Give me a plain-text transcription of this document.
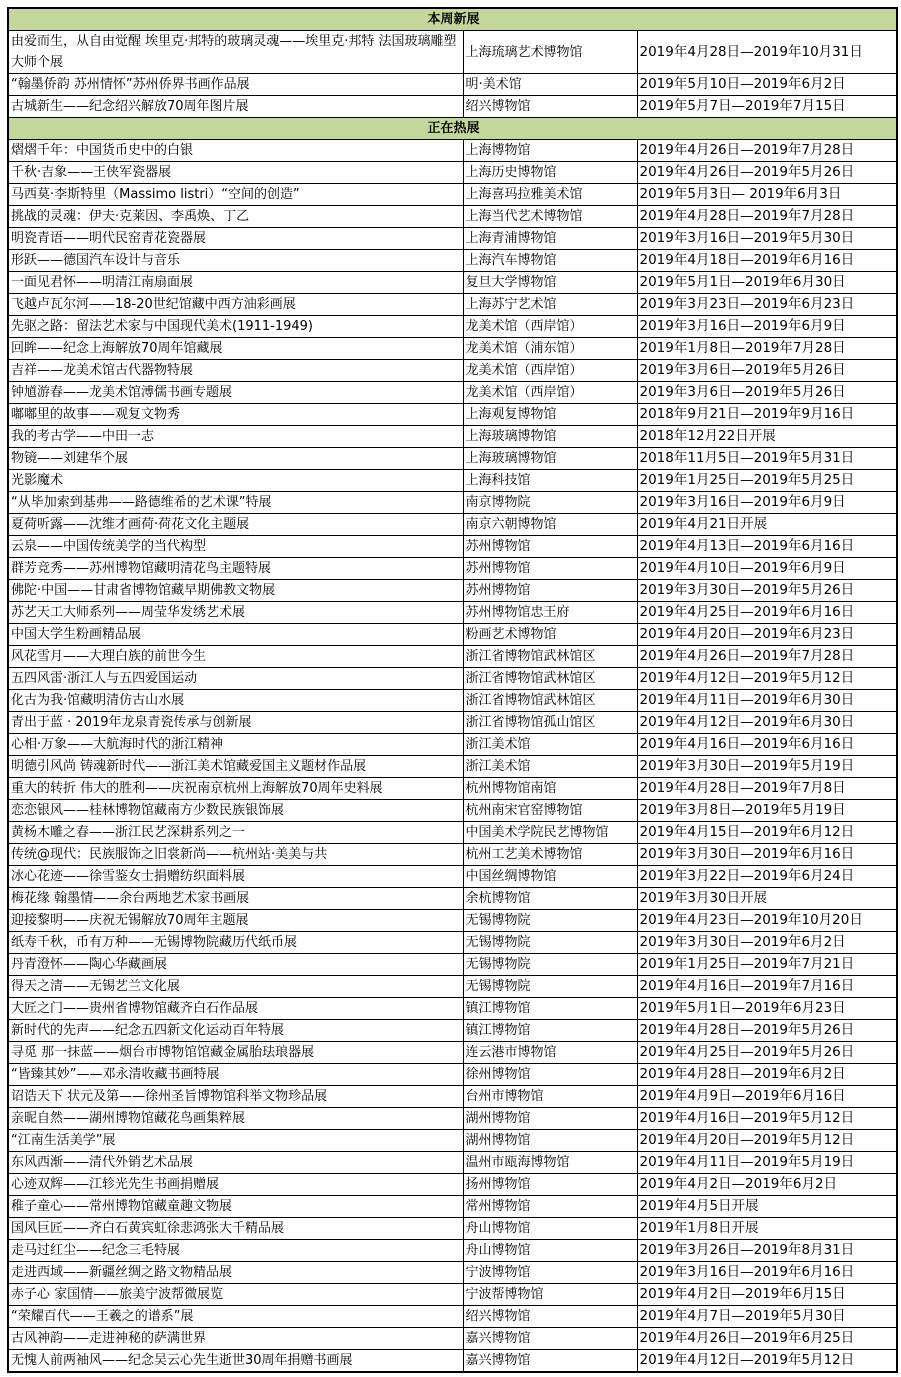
本周新展		
由爱而生，从自由觉醒 埃里克·邦特的玻璃灵魂——埃里克·邦特 法国玻璃雕塑大师个展	上海琉璃艺术博物馆	2019年4月28日—2019年10月31日
“翰墨侨韵 苏州情怀”苏州侨界书画作品展	明·美术馆	2019年5月10日—2019年6月2日
古城新生——纪念绍兴解放70周年图片展	绍兴博物馆	2019年5月7日—2019年7月15日
正在热展		
熠熠千年：中国货币史中的白银	上海博物馆	2019年4月26日—2019年7月28日
千秋·吉象——王侠军瓷器展	上海历史博物馆	2019年4月26日—2019年5月26日
马西莫·李斯特里（Massimo listri）“空间的创造”	上海喜玛拉雅美术馆	2019年5月3日— 2019年6月3日
挑战的灵魂：伊夫·克莱因、李禹焕、丁乙	上海当代艺术博物馆	2019年4月28日—2019年7月28日
明瓷青语——明代民窑青花瓷器展	上海青浦博物馆	2019年3月16日—2019年5月30日
形跃——德国汽车设计与音乐	上海汽车博物馆	2019年4月18日—2019年6月16日
一面见君怀——明清江南扇面展	复旦大学博物馆	2019年5月1日—2019年6月30日
飞越卢瓦尔河——18-20世纪馆藏中西方油彩画展	上海苏宁艺术馆	2019年3月23日—2019年6月23日
先驱之路：留法艺术家与中国现代美术(1911-1949)	龙美术馆（西岸馆）	2019年3月16日—2019年6月9日
回眸——纪念上海解放70周年馆藏展	龙美术馆（浦东馆）	2019年1月8日—2019年7月28日
吉祥——龙美术馆古代器物特展	龙美术馆（西岸馆）	2019年3月6日—2019年5月26日
钟馗游春——龙美术馆溥儒书画专题展	龙美术馆（西岸馆）	2019年3月6日—2019年5月26日
嘟嘟里的故事——观复文物秀	上海观复博物馆	2018年9月21日—2019年9月16日
我的考古学——中田一志	上海玻璃博物馆	2018年12月22日开展
物镜——刘建华个展	上海玻璃博物馆	2018年11月5日—2019年5月31日
光影魔术	上海科技馆	2019年1月25日—2019年5月25日
“从毕加索到基弗——路德维希的艺术课”特展	南京博物院	2019年3月16日—2019年6月9日
夏荷听露——沈维才画荷·荷花文化主题展	南京六朝博物馆	2019年4月21日开展
云泉——中国传统美学的当代构型	苏州博物馆	2019年4月13日—2019年6月16日
群芳竞秀——苏州博物馆藏明清花鸟主题特展	苏州博物馆	2019年4月10日—2019年6月9日
佛陀·中国——甘肃省博物馆藏早期佛教文物展	苏州博物馆	2019年3月30日—2019年5月26日
苏艺天工大师系列——周莹华发绣艺术展	苏州博物馆忠王府	2019年4月25日—2019年6月16日
中国大学生粉画精品展	粉画艺术博物馆	2019年4月20日—2019年6月23日
风花雪月——大理白族的前世今生	浙江省博物馆武林馆区	2019年4月26日—2019年7月28日
五四风雷·浙江人与五四爱国运动	浙江省博物馆武林馆区	2019年4月12日—2019年5月12日
化古为我·馆藏明清仿古山水展	浙江省博物馆武林馆区	2019年4月11日—2019年6月30日
青出于蓝 · 2019年龙泉青瓷传承与创新展	浙江省博物馆孤山馆区	2019年4月12日—2019年6月30日
心相·万象——大航海时代的浙江精神	浙江美术馆	2019年4月16日—2019年6月16日
明德引风尚 铸魂新时代——浙江美术馆藏爱国主义题材作品展	浙江美术馆	2019年3月30日—2019年5月19日
重大的转折 伟大的胜利——庆祝南京杭州上海解放70周年史料展	杭州博物馆南馆	2019年4月28日—2019年7月8日
恋恋银风——桂林博物馆藏南方少数民族银饰展	杭州南宋官窑博物馆	2019年3月8日—2019年5月19日
黄杨木雕之春——浙江民艺深耕系列之一	中国美术学院民艺博物馆	2019年4月15日—2019年6月12日
传统@现代：民族服饰之旧裳新尚——杭州站·美美与共	杭州工艺美术博物馆	2019年3月30日—2019年6月16日
冰心花迹——徐雪鉴女士捐赠纺织面料展	中国丝绸博物馆	2019年3月22日—2019年6月24日
梅花缘 翰墨情——余台两地艺术家书画展	余杭博物馆	2019年3月30日开展
迎接黎明——庆祝无锡解放70周年主题展	无锡博物院	2019年4月23日—2019年10月20日
纸寿千秋，币有万种——无锡博物院藏历代纸币展	无锡博物院	2019年3月30日—2019年6月2日
丹青澄怀——陶心华藏画展	无锡博物院	2019年1月25日—2019年7月21日
得天之清——无锡艺兰文化展	无锡博物院	2019年4月16日—2019年7月16日
大匠之门——贵州省博物馆藏齐白石作品展	镇江博物馆	2019年5月1日—2019年6月23日
新时代的先声——纪念五四新文化运动百年特展	镇江博物馆	2019年4月28日—2019年5月26日
寻觅 那一抹蓝——烟台市博物馆馆藏金属胎珐琅器展	连云港市博物馆	2019年4月25日—2019年5月26日
“皆臻其妙”——邓永清收藏书画特展	徐州博物馆	2019年4月28日—2019年6月2日
诏诰天下 状元及第——徐州圣旨博物馆科举文物珍品展	台州市博物馆	2019年4月9日—2019年6月16日
亲昵自然——湖州博物馆藏花鸟画集粹展	湖州博物馆	2019年4月16日—2019年5月12日
“江南生活美学”展	湖州博物馆	2019年4月20日—2019年5月12日
东风西渐——清代外销艺术品展	温州市瓯海博物馆	2019年4月11日—2019年5月19日
心迹双辉——江轸光先生书画捐赠展	扬州博物馆	2019年4月2日—2019年6月2日
稚子童心——常州博物馆藏童趣文物展	常州博物馆	2019年4月5日开展
国风巨匠——齐白石黄宾虹徐悲鸿张大千精品展	舟山博物馆	2019年1月8日开展
走马过红尘——纪念三毛特展	舟山博物馆	2019年3月26日—2019年8月31日
走进西域——新疆丝绸之路文物精品展	宁波博物馆	2019年3月16日—2019年6月16日
赤子心 家国情——旅美宁波帮微展览	宁波帮博物馆	2019年4月2日—2019年6月15日
“荣耀百代——王羲之的谱系”展	绍兴博物馆	2019年4月7日—2019年5月30日
古风神韵——走进神秘的萨满世界	嘉兴博物馆	2019年4月26日—2019年6月25日
无愧人前两袖风——纪念吴云心先生逝世30周年捐赠书画展	嘉兴博物馆	2019年4月12日—2019年5月12日
